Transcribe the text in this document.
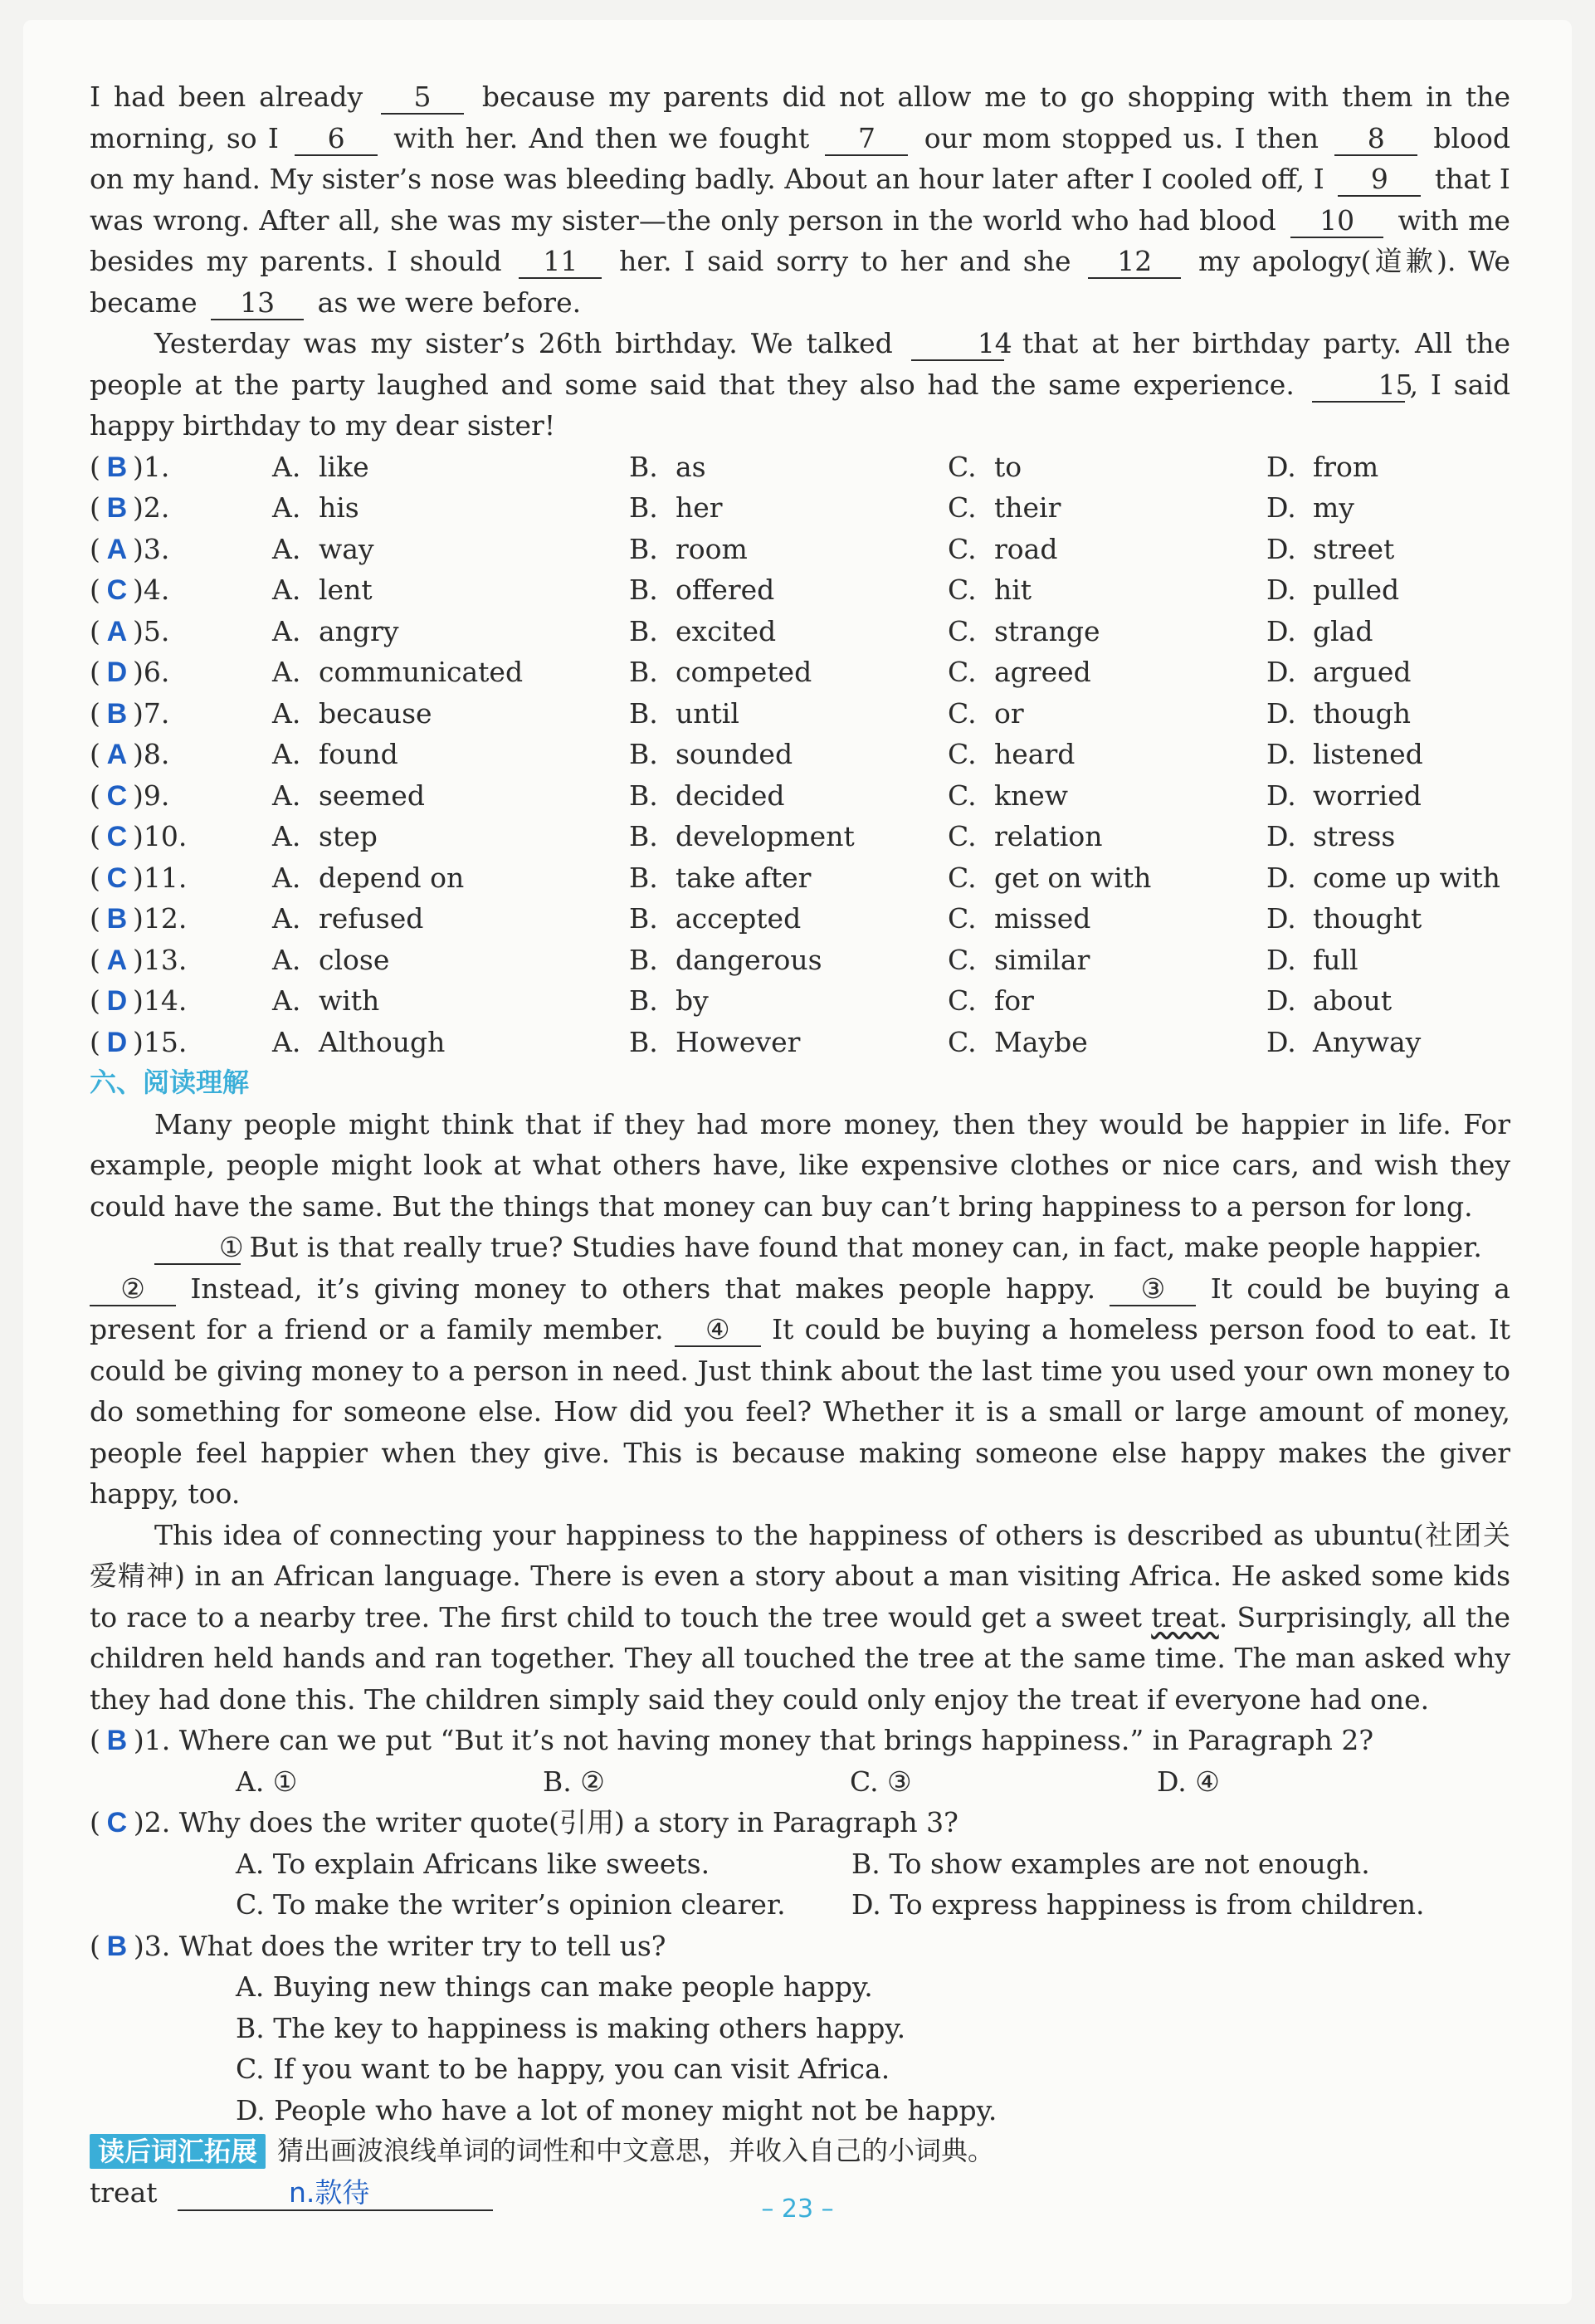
I had been already 5 because my parents did not allow me to go shopping with them in the morning, so I 6 with her. And then we fought 7 our mom stopped us. I then 8 blood on my hand. My sister’s nose was bleeding badly. About an hour later after I cooled off, I 9 that I was wrong. After all, she was my sister—the only person in the world who had blood 10 with me besides my parents. I should 11 her. I said sorry to her and she 12 my apology(道歉). We became 13 as we were before.

Yesterday was my sister’s 26th birthday. We talked	14 that at her birthday party. All the people at the party laughed and some said that they also had the same experience.	15, I said happy birthday to my dear sister!

( B )1.	A. like	B. as	C. to	D. from
( B )2.	A. his	B. her	C. their	D. my
( A )3.	A. way	B. room	C. road	D. street
( C )4.	A. lent	B. offered	C. hit	D. pulled
( A )5.	A. angry	B. excited	C. strange	D. glad
( D )6.	A. communicated	B. competed	C. agreed	D. argued
( B )7.	A. because	B. until	C. or	D. though
( A )8.	A. found	B. sounded	C. heard	D. listened
( C )9.	A. seemed	B. decided	C. knew	D. worried
( C )10.	A. step	B. development	C. relation	D. stress
( C )11.	A. depend on	B. take after	C. get on with	D. come up with
( B )12.	A. refused	B. accepted	C. missed	D. thought
( A )13.	A. close	B. dangerous	C. similar	D. full
( D )14.	A. with	B. by	C. for	D. about
( D )15.	A. Although	B. However	C. Maybe	D. Anyway
六、阅读理解

Many people might think that if they had more money, then they would be happier in life. For example, people might look at what others have, like expensive clothes or nice cars, and wish they could have the same. But the things that money can buy can’t bring happiness to a person for long.

① But is that really true? Studies have found that money can, in fact, make people happier.

② Instead, it’s giving money to others that makes people happy. ③ It could be buying a present for a friend or a family member. ④ It could be buying a homeless person food to eat. It could be giving money to a person in need. Just think about the last time you used your own money to do something for someone else. How did you feel? Whether it is a small or large amount of money, people feel happier when they give. This is because making someone else happy makes the giver happy, too.

This idea of connecting your happiness to the happiness of others is described as ubuntu(社团关爱精神) in an African language. There is even a story about a man visiting Africa. He asked some kids to race to a nearby tree. The first child to touch the tree would get a sweet treat. Surprisingly, all the children held hands and ran together. They all touched the tree at the same time. The man asked why they had done this. The children simply said they could only enjoy the treat if everyone had one.

( B )1. Where can we put “But it’s not having money that brings happiness.” in Paragraph 2?
A. ①	B. ②	C. ③	D. ④
( C )2. Why does the writer quote(引用) a story in Paragraph 3?
A. To explain Africans like sweets.	B. To show examples are not enough.
C. To make the writer’s opinion clearer.	D. To express happiness is from children.
( B )3. What does the writer try to tell us?
A. Buying new things can make people happy.
B. The key to happiness is making others happy.
C. If you want to be happy, you can visit Africa.
D. People who have a lot of money might not be happy.
读后词汇拓展 猜出画波浪线单词的词性和中文意思，并收入自己的小词典。
treat	n.款待
– 23 –
